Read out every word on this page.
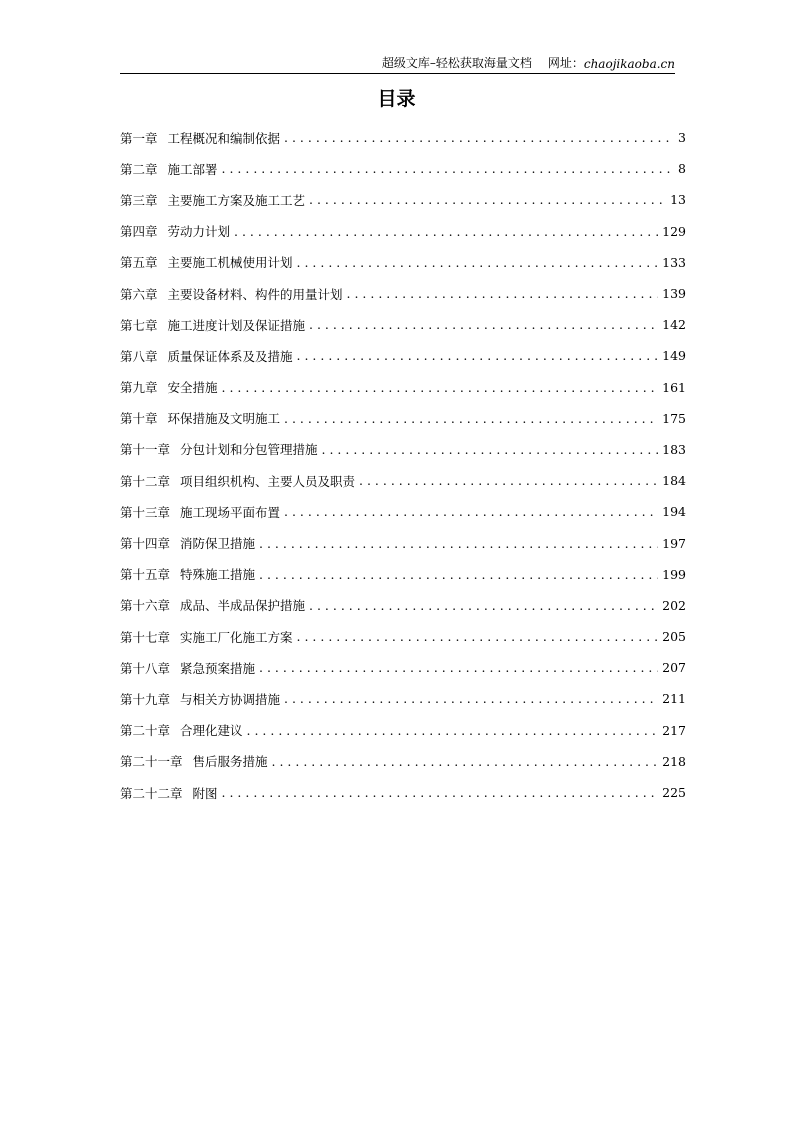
超级文库–轻松获取海量文档 网址： chaojikaoba.cn
目录
第一章 工程概况和编制依据 . . .	3
第二章 施工部署 . . .	8
第三章 主要施工方案及施工工艺 . . .	13
第四章 劳动力计划 . . .	129
第五章 主要施工机械使用计划 . . .	133
第六章 主要设备材料、构件的用量计划 . . .	139
第七章 施工进度计划及保证措施 . . .	142
第八章 质量保证体系及及措施 . . .	149
第九章 安全措施 . . .	161
第十章 环保措施及文明施工 . . .	175
第十一章 分包计划和分包管理措施 . . .	183
第十二章 项目组织机构、主要人员及职责 . . .	184
第十三章 施工现场平面布置 . . .	194
第十四章 消防保卫措施 . . .	197
第十五章 特殊施工措施 . . .	199
第十六章 成品、半成品保护措施 . . .	202
第十七章 实施工厂化施工方案 . . .	205
第十八章 紧急预案措施 . . .	207
第十九章 与相关方协调措施 . . .	211
第二十章 合理化建议 . . .	217
第二十一章 售后服务措施 . . .	218
第二十二章 附图 . . .	225
